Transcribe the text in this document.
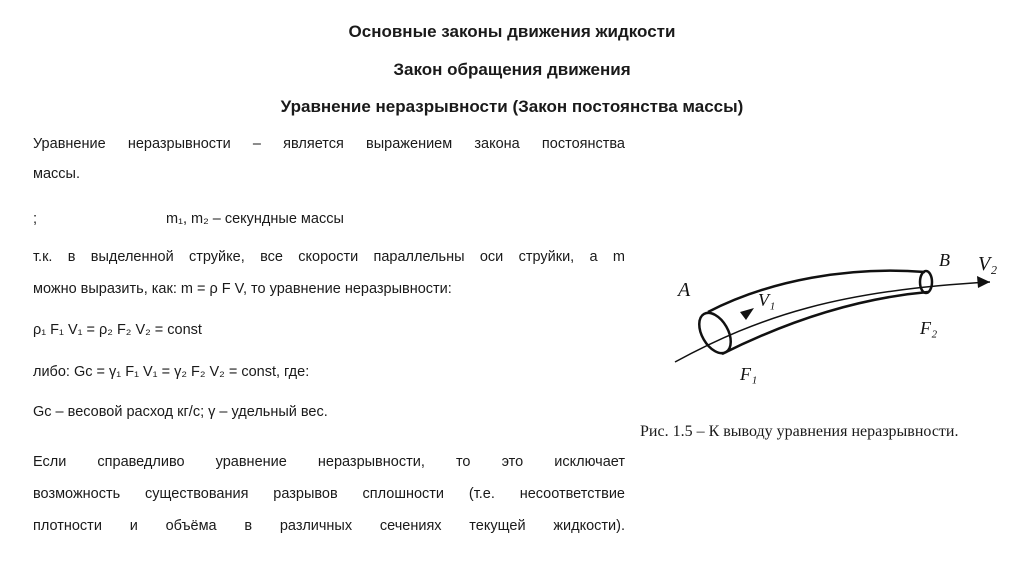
Основные законы движения жидкости
Закон обращения движения
Уравнение неразрывности (Закон постоянства массы)
Уравнение неразрывности – является выражением закона постоянства
массы.
;	m₁, m₂ – секундные массы
т.к. в выделенной струйке, все скорости параллельны оси струйки, а m
можно выразить, как: m = ρ F V, то уравнение неразрывности:
ρ₁ F₁ V₁ = ρ₂ F₂ V₂ = const
либо: Gc = γ₁ F₁ V₁ = γ₂ F₂ V₂ = const, где:
Gc – весовой расход кг/с; γ – удельный вес.
Если справедливо уравнение неразрывности, то это исключает
возможность существования разрывов сплошности (т.е. несоответствие
плотности и объёма в различных сечениях текущей жидкости).
A	V₁
F₁
B V₂
F₂
Рис. 1.5 – К выводу уравнения неразрывности.
